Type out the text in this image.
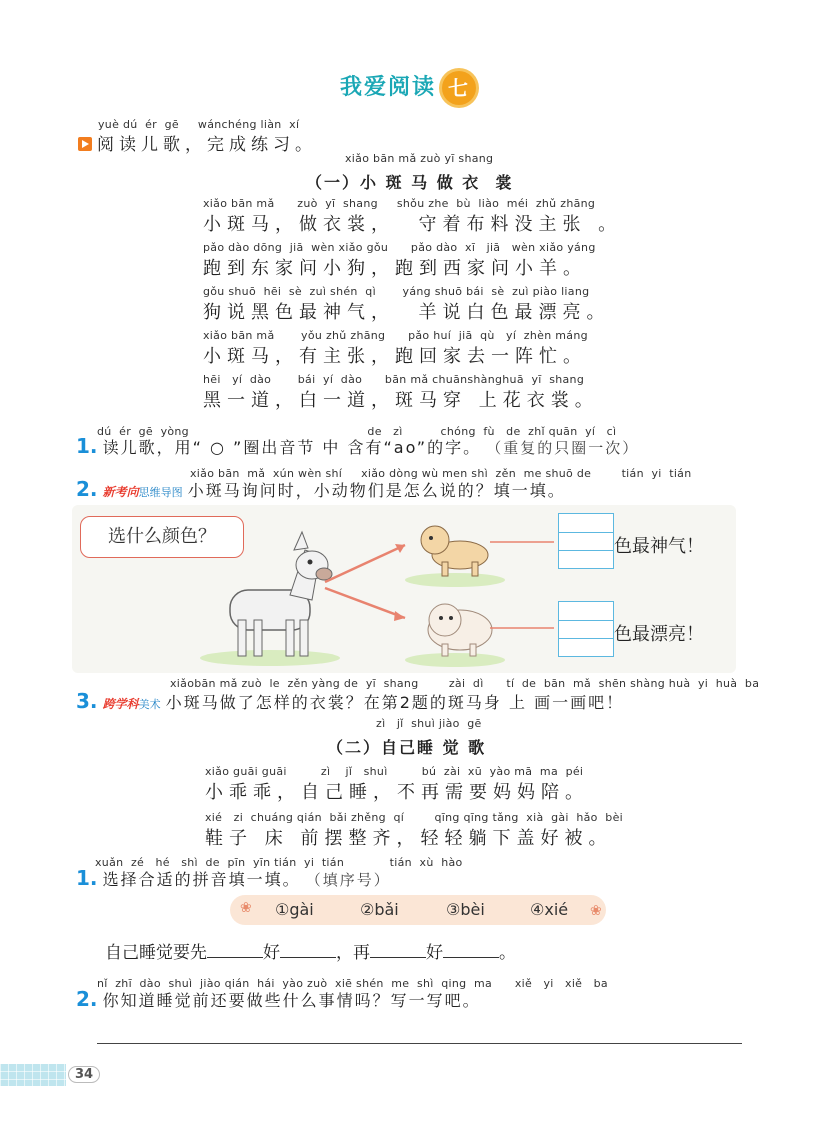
我爱阅读 七
yuè dú  ér  gē     wánchéng liàn  xí
阅读儿歌，完成练习。
xiǎo bān mǎ zuò yī shang
（一）小 斑 马 做 衣  裳
xiǎo bān mǎ      zuò  yī  shang     shǒu zhe  bù  liào  méi  zhǔ zhāng
小斑马，做衣裳，  守着布料没主张 。
pǎo dào dōng  jiā  wèn xiǎo gǒu      pǎo dào  xī   jiā   wèn xiǎo yáng
跑到东家问小狗，跑到西家问小羊。
gǒu shuō  hēi  sè  zuì shén  qì       yáng shuō bái  sè  zuì piào liang
狗说黑色最神气，  羊说白色最漂亮。
xiǎo bān mǎ       yǒu zhǔ zhāng      pǎo huí  jiā  qù   yí  zhèn máng
小斑马，有主张，跑回家去一阵忙。
hēi   yí  dào       bái  yí  dào      bān mǎ chuānshànghuā  yī  shang
黑一道，白一道，斑马穿 上花衣裳。
dú  ér  gē  yòng                                               de   zì          chóng  fù   de  zhǐ quān  yí   cì
1. 读儿歌，用“ ○ ”圈出音节 中 含有“ao”的字。 （重复的只圈一次）
xiǎo bān  mǎ  xún wèn shí     xiǎo dòng wù men shì  zěn  me shuō de        tián  yi  tián
2. 新考向思维导图 小斑马询问时，小动物们是怎么说的？填一填。
选什么颜色？	色最神气！
色最漂亮！
xiǎobān mǎ zuò  le  zěn yàng de  yī  shang        zài  dì      tí  de  bān  mǎ  shēn shàng huà  yi  huà  ba
3. 跨学科美术 小斑马做了怎样的衣裳？在第2题的斑马身 上 画一画吧！
zì   jǐ  shuì jiào  gē
（二）自己睡 觉 歌
xiǎo guāi guāi         zì    jǐ   shuì         bú  zài  xū  yào mā  ma  péi
小乖乖，自己睡，不再需要妈妈陪。
xié   zi  chuáng qián  bǎi zhěng  qí        qīng qīng tǎng  xià  gài  hǎo  bèi
鞋子 床 前摆整齐，轻轻躺下盖好被。
xuǎn  zé   hé   shì  de  pīn  yīn tián  yi  tián            tián  xù  hào
1. 选择合适的拼音填一填。 （填序号）
❀	❀
①gài	②bǎi	③bèi	④xié
自己睡觉要先	好	，再	好	。
nǐ  zhī  dào  shuì  jiào qián  hái  yào zuò  xiē shén  me  shì  qing  ma      xiě   yi   xiě   ba
2. 你知道睡觉前还要做些什么事情吗？写一写吧。
34
